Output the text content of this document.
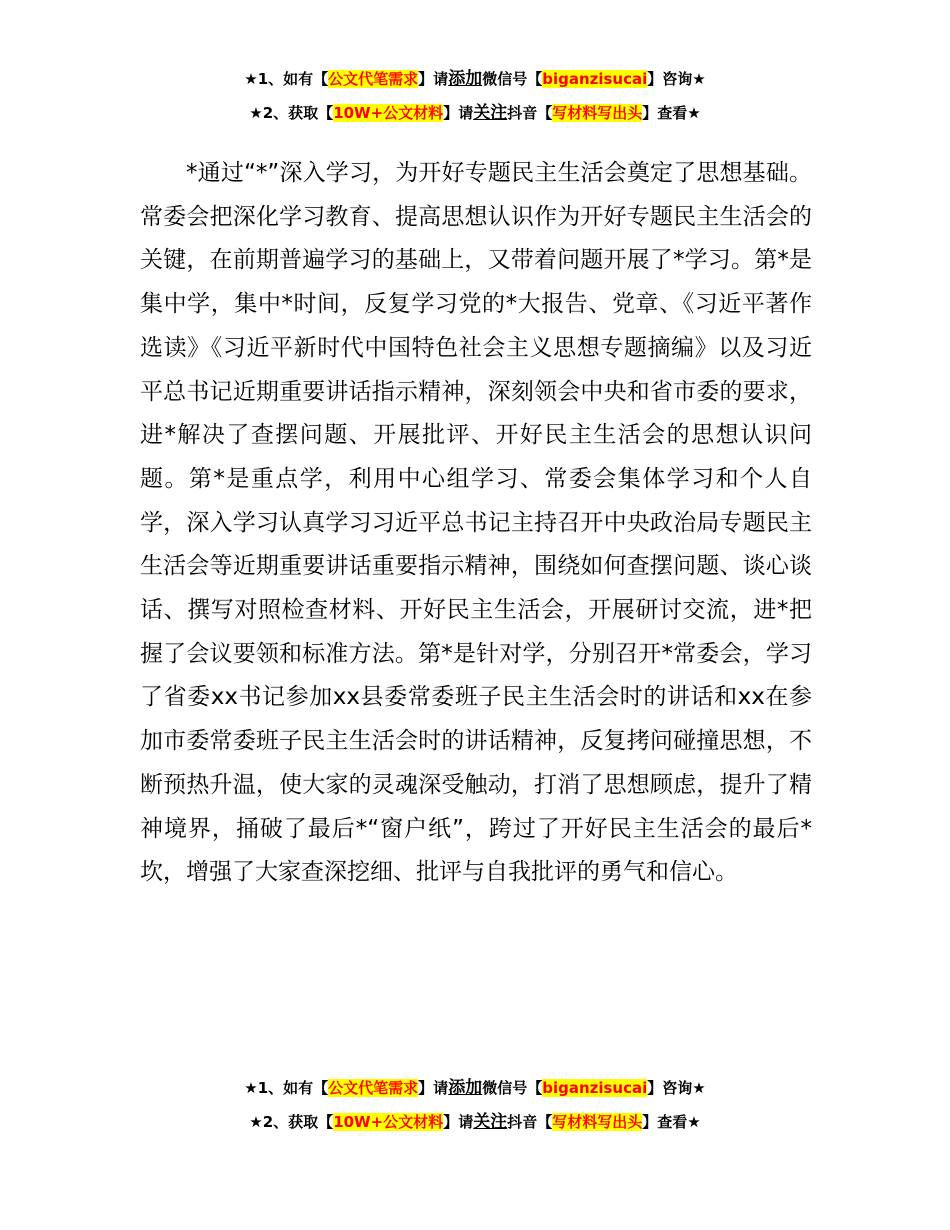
★1、如有【公文代笔需求】请添加微信号【biganzisucai】咨询★
★2、获取【10W+公文材料】请关注抖音【写材料写出头】查看★

*通过“*”深入学习，为开好专题民主生活会奠定了思想基础。常委会把深化学习教育、提高思想认识作为开好专题民主生活会的关键，在前期普遍学习的基础上，又带着问题开展了*学习。第*是集中学，集中*时间，反复学习党的*大报告、党章、《习近平著作选读》《习近平新时代中国特色社会主义思想专题摘编》以及习近平总书记近期重要讲话指示精神，深刻领会中央和省市委的要求，进*解决了查摆问题、开展批评、开好民主生活会的思想认识问题。第*是重点学，利用中心组学习、常委会集体学习和个人自学，深入学习认真学习习近平总书记主持召开中央政治局专题民主生活会等近期重要讲话重要指示精神，围绕如何查摆问题、谈心谈话、撰写对照检查材料、开好民主生活会，开展研讨交流，进*把握了会议要领和标准方法。第*是针对学，分别召开*常委会，学习了省委xx书记参加xx县委常委班子民主生活会时的讲话和xx在参加市委常委班子民主生活会时的讲话精神，反复拷问碰撞思想，不断预热升温，使大家的灵魂深受触动，打消了思想顾虑，提升了精神境界，捅破了最后*“窗户纸”，跨过了开好民主生活会的最后*坎，增强了大家查深挖细、批评与自我批评的勇气和信心。

★1、如有【公文代笔需求】请添加微信号【biganzisucai】咨询★
★2、获取【10W+公文材料】请关注抖音【写材料写出头】查看★
